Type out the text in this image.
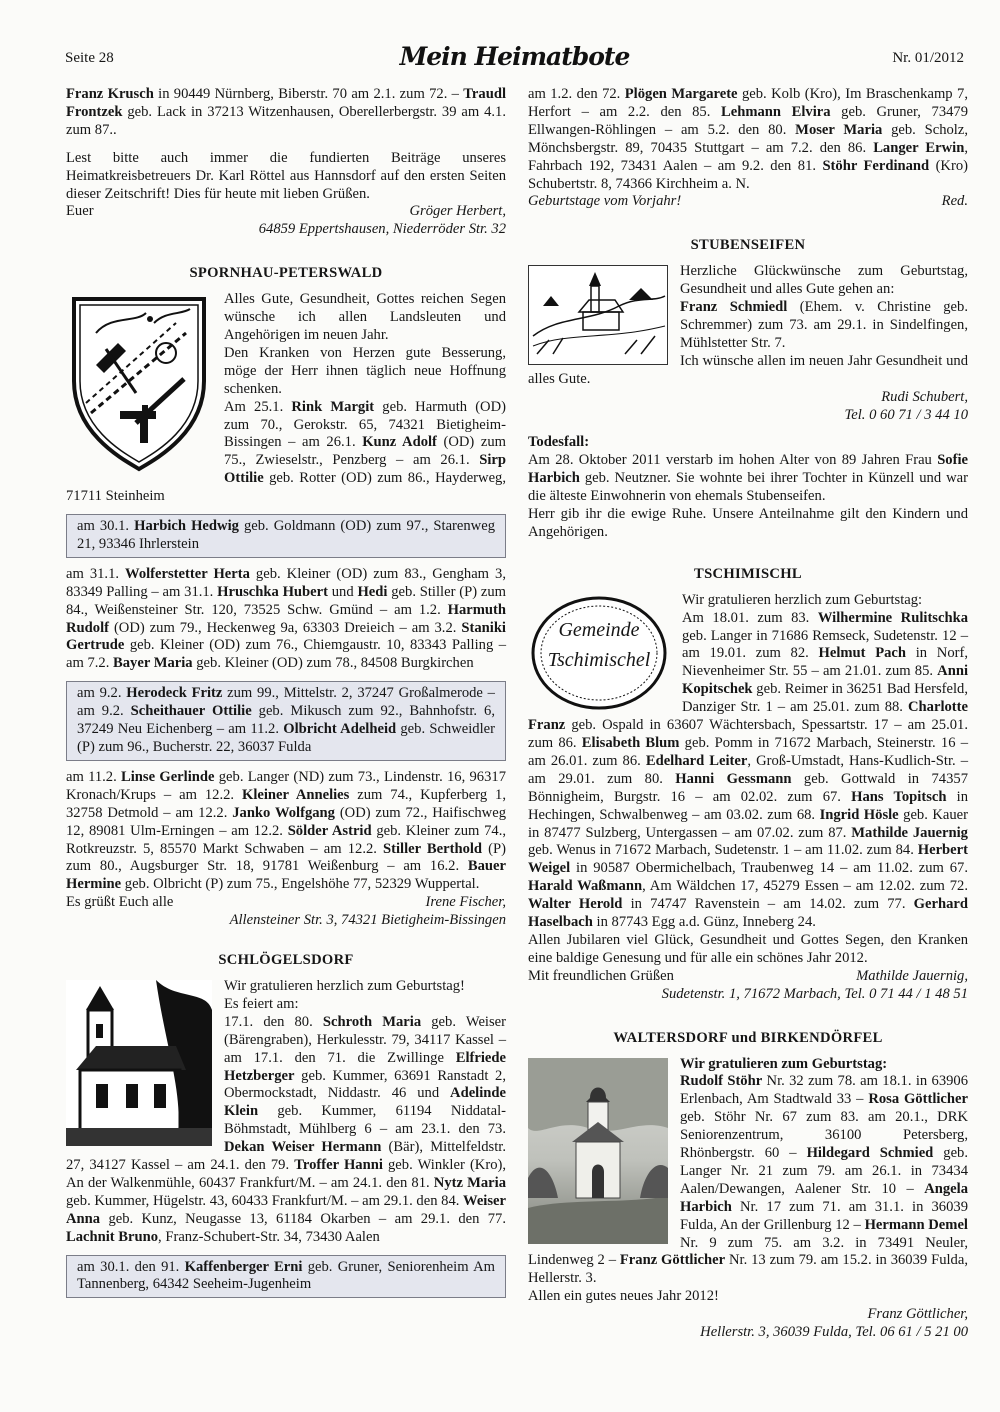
Seite 28	Mein Heimatbote	Nr. 01/2012

Franz Krusch in 90449 Nürnberg, Biberstr. 70 am 2.1. zum 72. – Traudl Frontzek geb. Lack in 37213 Witzenhausen, Oberellerbergstr. 39 am 4.1. zum 87..

Lest bitte auch immer die fundierten Beiträge unseres Heimatkreisbetreuers Dr. Karl Röttel aus Hannsdorf auf den ersten Seiten dieser Zeitschrift! Dies für heute mit lieben Grüßen.

Euer	Gröger Herbert,
64859 Eppertshausen, Niederröder Str. 32
SPORNHAU-PETERSWALD

Alles Gute, Gesundheit, Gottes reichen Segen wünsche ich allen Landsleuten und Angehörigen im neuen Jahr.

Den Kranken von Herzen gute Besserung, möge der Herr ihnen täglich neue Hoffnung schenken.

Am 25.1. Rink Margit geb. Harmuth (OD) zum 70., Gerokstr. 65, 74321 Bietigheim-Bissingen – am 26.1. Kunz Adolf (OD) zum 75., Zwieselstr., Penzberg – am 26.1. Sirp Ottilie geb. Rotter (OD) zum 86., Hayderweg, 71711 Steinheim

am 30.1. Harbich Hedwig geb. Goldmann (OD) zum 97., Starenweg 21, 93346 Ihrlerstein

am 31.1. Wolferstetter Herta geb. Kleiner (OD) zum 83., Gengham 3, 83349 Palling – am 31.1. Hruschka Hubert und Hedi geb. Stiller (P) zum 84., Weißensteiner Str. 120, 73525 Schw. Gmünd – am 1.2. Harmuth Rudolf (OD) zum 79., Heckenweg 9a, 63303 Dreieich – am 3.2. Staniki Gertrude geb. Kleiner (OD) zum 76., Chiemgaustr. 10, 83343 Palling – am 7.2. Bayer Maria geb. Kleiner (OD) zum 78., 84508 Burgkirchen

am 9.2. Herodeck Fritz zum 99., Mittelstr. 2, 37247 Großalmerode – am 9.2. Scheithauer Ottilie geb. Mikusch zum 92., Bahnhofstr. 6, 37249 Neu Eichenberg – am 11.2. Olbricht Adelheid geb. Schweidler (P) zum 96., Bucherstr. 22, 36037 Fulda

am 11.2. Linse Gerlinde geb. Langer (ND) zum 73., Lindenstr. 16, 96317 Kronach/Krups – am 12.2. Kleiner Annelies zum 74., Kupferberg 1, 32758 Detmold – am 12.2. Janko Wolfgang (OD) zum 72., Haifischweg 12, 89081 Ulm-Erningen – am 12.2. Sölder Astrid geb. Kleiner zum 74., Rotkreuzstr. 5, 85570 Markt Schwaben – am 12.2. Stiller Berthold (P) zum 80., Augsburger Str. 18, 91781 Weißenburg – am 16.2. Bauer Hermine geb. Olbricht (P) zum 75., Engelshöhe 77, 52329 Wuppertal.

Es grüßt Euch alle	Irene Fischer,
Allensteiner Str. 3, 74321 Bietigheim-Bissingen
SCHLÖGELSDORF

Wir gratulieren herzlich zum Geburtstag!

Es feiert am:
17.1. den 80. Schroth Maria geb. Weiser (Bärengraben), Herkulesstr. 79, 34117 Kassel – am 17.1. den 71. die Zwillinge Elfriede Hetzberger geb. Kummer, 63691 Ranstadt 2, Obermockstadt, Niddastr. 46 und Adelinde Klein geb. Kummer, 61194 Niddatal-Böhmstadt, Mühlberg 6 – am 23.1. den 73. Dekan Weiser Hermann (Bär), Mittelfeldstr. 27, 34127 Kassel – am 24.1. den 79. Troffer Hanni geb. Winkler (Kro), An der Walkenmühle, 60437 Frankfurt/M. – am 24.1. den 81. Nytz Maria geb. Kummer, Hügelstr. 43, 60433 Frankfurt/M. – am 29.1. den 84. Weiser Anna geb. Kunz, Neugasse 13, 61184 Okarben – am 29.1. den 77. Lachnit Bruno, Franz-Schubert-Str. 34, 73430 Aalen

am 30.1. den 91. Kaffenberger Erni geb. Gruner, Seniorenheim Am Tannenberg, 64342 Seeheim-Jugenheim

am 1.2. den 72. Plögen Margarete geb. Kolb (Kro), Im Braschenkamp 7, Herfort – am 2.2. den 85. Lehmann Elvira geb. Gruner, 73479 Ellwangen-Röhlingen – am 5.2. den 80. Moser Maria geb. Scholz, Mönchsbergstr. 89, 70435 Stuttgart – am 7.2. den 86. Langer Erwin, Fahrbach 192, 73431 Aalen – am 9.2. den 81. Stöhr Ferdinand (Kro) Schubertstr. 8, 74366 Kirchheim a. N.

Geburtstage vom Vorjahr!	Red.
STUBENSEIFEN

Herzliche Glückwünsche zum Geburtstag, Gesundheit und alles Gute gehen an:

Franz Schmiedl (Ehem. v. Christine geb. Schremmer) zum 73. am 29.1. in Sindelfingen, Mühlstetter Str. 7.

Ich wünsche allen im neuen Jahr Gesundheit und alles Gute.

Rudi Schubert,
Tel. 0 60 71 / 3 44 10

Todesfall:

Am 28. Oktober 2011 verstarb im hohen Alter von 89 Jahren Frau Sofie Harbich geb. Neutzner. Sie wohnte bei ihrer Tochter in Künzell und war die älteste Einwohnerin von ehemals Stubenseifen.

Herr gib ihr die ewige Ruhe. Unsere Anteilnahme gilt den Kindern und Angehörigen.

TSCHIMISCHL
Gemeinde
Tschimischel

Wir gratulieren herzlich zum Geburtstag:

Am 18.01. zum 83. Wilhermine Rulitschka geb. Langer in 71686 Remseck, Sudetenstr. 12 – am 19.01. zum 82. Helmut Pach in Norf, Nievenheimer Str. 55 – am 21.01. zum 85. Anni Kopitschek geb. Reimer in 36251 Bad Hersfeld, Danziger Str. 1 – am 25.01. zum 88. Charlotte Franz geb. Ospald in 63607 Wächtersbach, Spessartstr. 17 – am 25.01. zum 86. Elisabeth Blum geb. Pomm in 71672 Marbach, Steinerstr. 16 – am 26.01. zum 86. Edelhard Leiter, Groß-Umstadt, Hans-Kudlich-Str. – am 29.01. zum 80. Hanni Gessmann geb. Gottwald in 74357 Bönnigheim, Burgstr. 16 – am 02.02. zum 67. Hans Topitsch in Hechingen, Schwalbenweg – am 03.02. zum 68. Ingrid Hösle geb. Kauer in 87477 Sulzberg, Untergassen – am 07.02. zum 87. Mathilde Jauernig geb. Wenus in 71672 Marbach, Sudetenstr. 1 – am 11.02. zum 84. Herbert Weigel in 90587 Obermichelbach, Traubenweg 14 – am 11.02. zum 67. Harald Waßmann, Am Wäldchen 17, 45279 Essen – am 12.02. zum 72. Walter Herold in 74747 Ravenstein – am 14.02. zum 77. Gerhard Haselbach in 87743 Egg a.d. Günz, Inneberg 24.

Allen Jubilaren viel Glück, Gesundheit und Gottes Segen, den Kranken eine baldige Genesung und für alle ein schönes Jahr 2012.

Mit freundlichen Grüßen	Mathilde Jauernig,
Sudetenstr. 1, 71672 Marbach, Tel. 0 71 44 / 1 48 51
WALTERSDORF und BIRKENDÖRFEL

Wir gratulieren zum Geburtstag:

Rudolf Stöhr Nr. 32 zum 78. am 18.1. in 63906 Erlenbach, Am Stadtwald 33 – Rosa Göttlicher geb. Stöhr Nr. 67 zum 83. am 20.1., DRK Seniorenzentrum, 36100 Petersberg, Rhönbergstr. 60 – Hildegard Schmied geb. Langer Nr. 21 zum 79. am 26.1. in 73434 Aalen/Dewangen, Aalener Str. 10 – Angela Harbich Nr. 17 zum 71. am 31.1. in 36039 Fulda, An der Grillenburg 12 – Hermann Demel Nr. 9 zum 75. am 3.2. in 73491 Neuler, Lindenweg 2 – Franz Göttlicher Nr. 13 zum 79. am 15.2. in 36039 Fulda, Hellerstr. 3.

Allen ein gutes neues Jahr 2012!

Franz Göttlicher,
Hellerstr. 3, 36039 Fulda, Tel. 06 61 / 5 21 00
